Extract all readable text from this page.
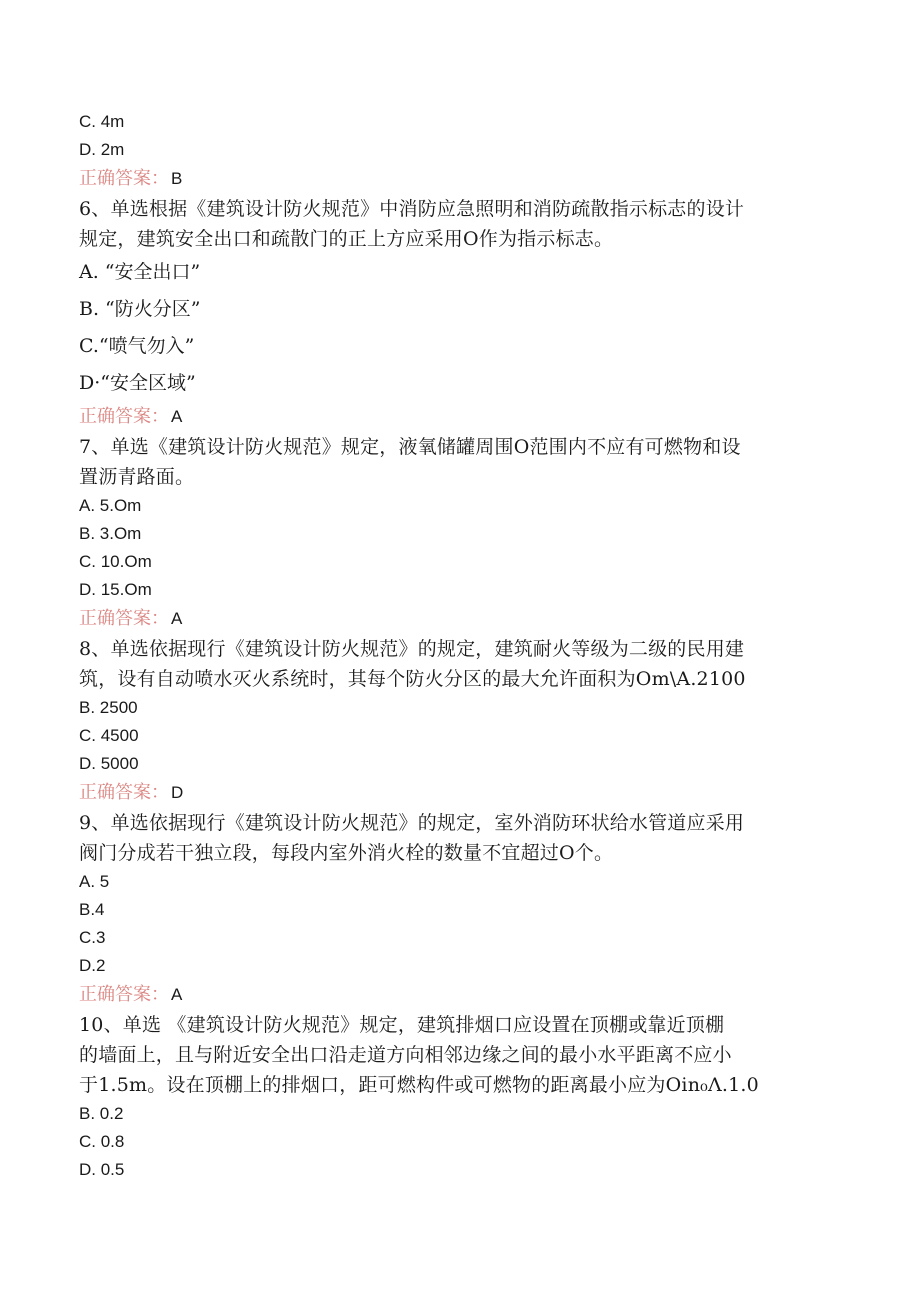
C. 4m
D. 2m
正确答案： B
6、单选根据《建筑设计防火规范》中消防应急照明和消防疏散指示标志的设计
规定，建筑安全出口和疏散门的正上方应采用O作为指示标志。
A. “安全出口”
B. “防火分区”
C.“喷气勿入”
D·“安全区域”
正确答案： A
7、单选《建筑设计防火规范》规定，液氧储罐周围O范围内不应有可燃物和设
置沥青路面。
A. 5.Om
B. 3.Om
C. 10.Om
D. 15.Om
正确答案： A
8、单选依据现行《建筑设计防火规范》的规定，建筑耐火等级为二级的民用建
筑，设有自动喷水灭火系统时，其每个防火分区的最大允许面积为Om\A.2100
B. 2500
C. 4500
D. 5000
正确答案： D
9、单选依据现行《建筑设计防火规范》的规定，室外消防环状给水管道应采用
阀门分成若干独立段，每段内室外消火栓的数量不宜超过O个。
A. 5
B.4
C.3
D.2
正确答案： A
10、单选 《建筑设计防火规范》规定，建筑排烟口应设置在顶棚或靠近顶棚
的墙面上，且与附近安全出口沿走道方向相邻边缘之间的最小水平距离不应小
于1.5m。设在顶棚上的排烟口，距可燃构件或可燃物的距离最小应为Oin₀Λ.1.0
B. 0.2
C. 0.8
D. 0.5
